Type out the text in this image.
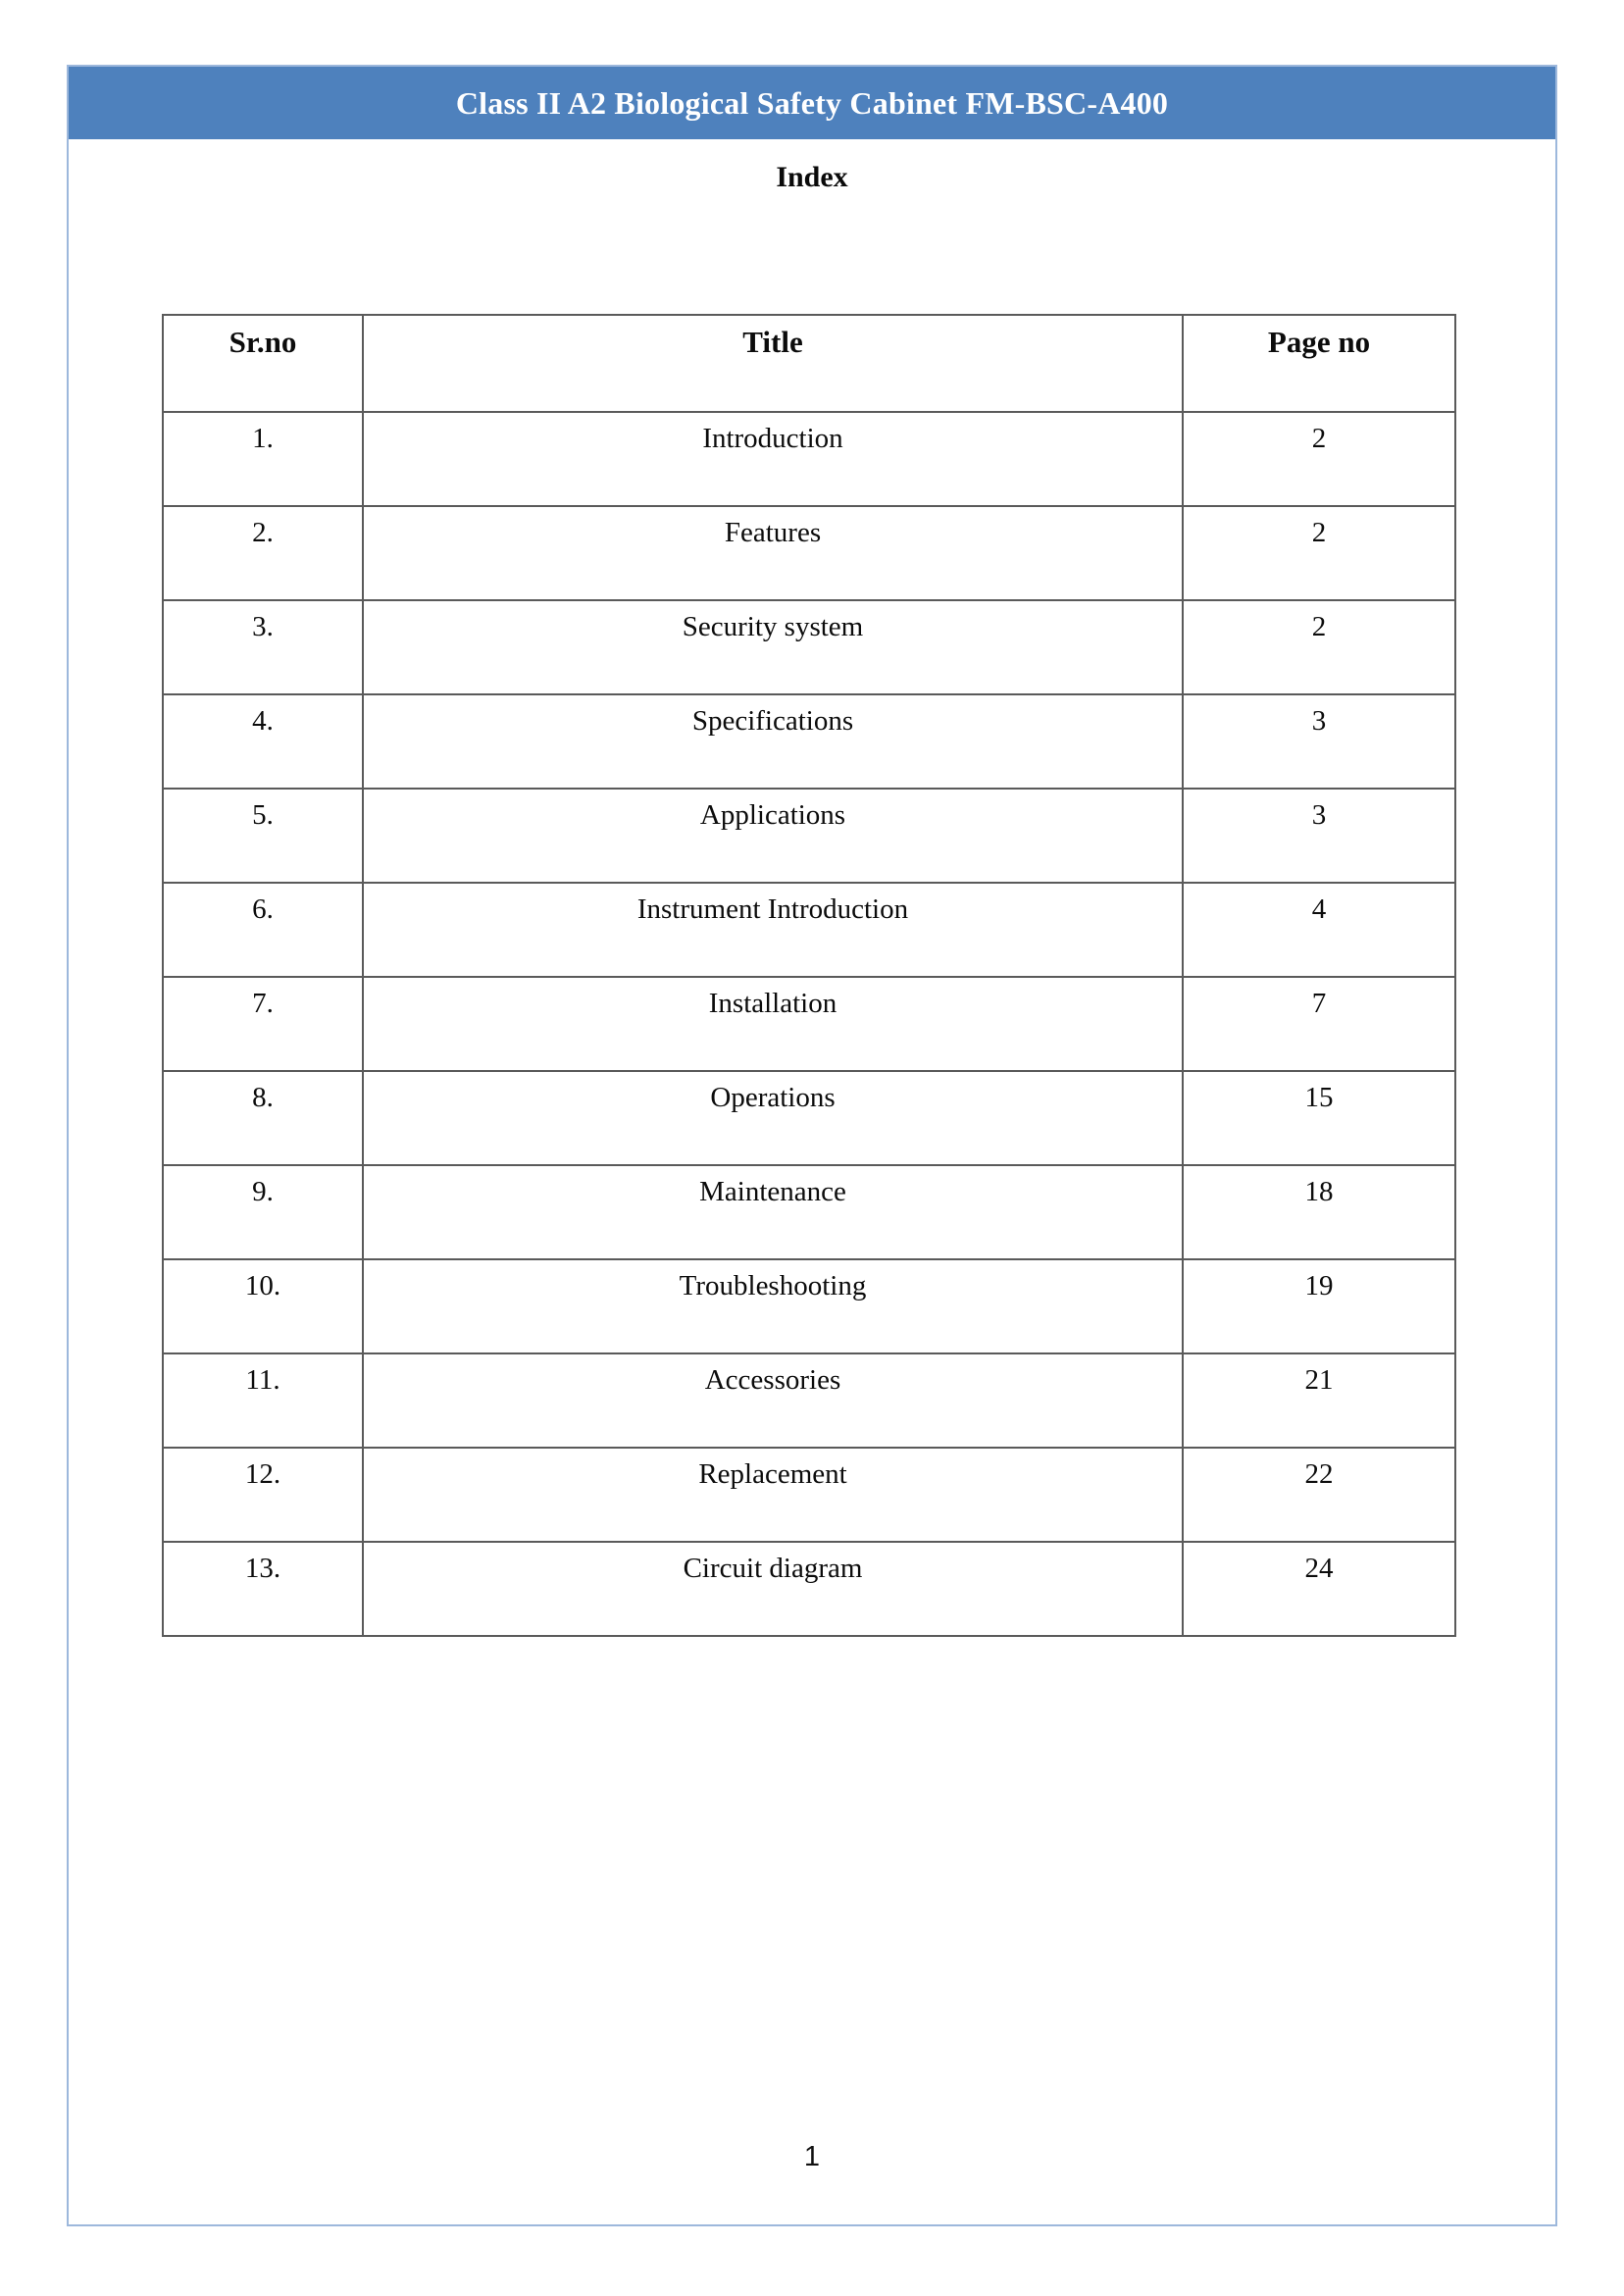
Class II A2 Biological Safety Cabinet FM-BSC-A400
Index
Sr.no	Title	Page no
1.	Introduction	2
2.	Features	2
3.	Security system	2
4.	Specifications	3
5.	Applications	3
6.	Instrument Introduction	4
7.	Installation	7
8.	Operations	15
9.	Maintenance	18
10.	Troubleshooting	19
11.	Accessories	21
12.	Replacement	22
13.	Circuit diagram	24
1
